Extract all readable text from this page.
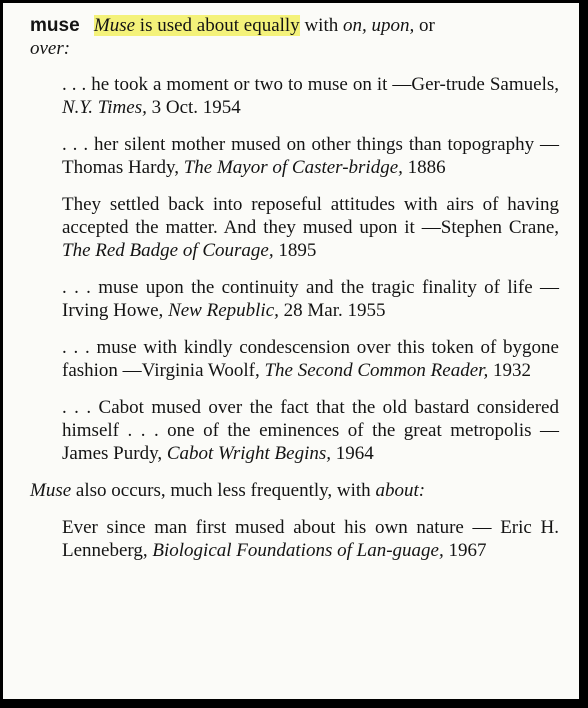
muse Muse is used about equally with on, upon, or
over:

. . . he took a moment or two to muse on it —Ger-trude Samuels, N.Y. Times, 3 Oct. 1954

. . . her silent mother mused on other things than topography —Thomas Hardy, The Mayor of Caster-bridge, 1886

They settled back into reposeful attitudes with airs of having accepted the matter. And they mused upon it —Stephen Crane, The Red Badge of Courage, 1895

. . . muse upon the continuity and the tragic finality of life —Irving Howe, New Republic, 28 Mar. 1955

. . . muse with kindly condescension over this token of bygone fashion —Virginia Woolf, The Second Common Reader, 1932

. . . Cabot mused over the fact that the old bastard considered himself . . . one of the eminences of the great metropolis —James Purdy, Cabot Wright Begins, 1964

Muse also occurs, much less frequently, with about:

Ever since man first mused about his own nature — Eric H. Lenneberg, Biological Foundations of Lan-guage, 1967
